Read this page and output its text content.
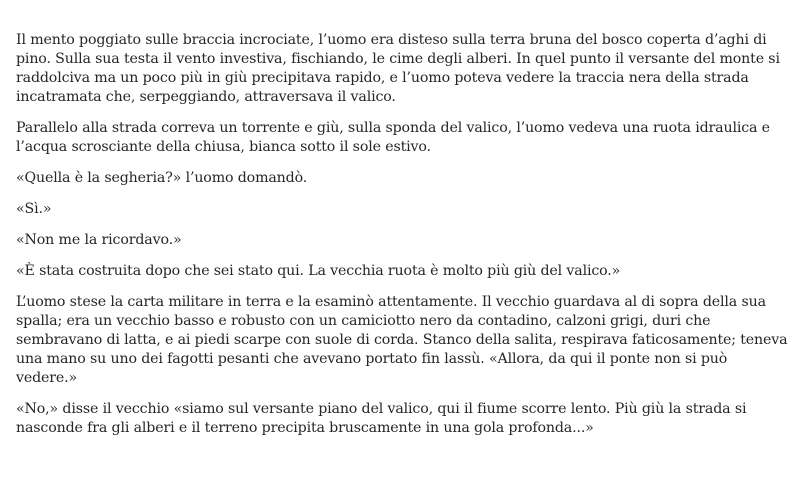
Il mento poggiato sulle braccia incrociate, l’uomo era disteso sulla terra bruna del bosco coperta d’aghi di pino. Sulla sua testa il vento investiva, fischiando, le cime degli alberi. In quel punto il versante del monte si raddolciva ma un poco più in giù precipitava rapido, e l’uomo poteva vedere la traccia nera della strada incatramata che, serpeggiando, attraversava il valico.

Parallelo alla strada correva un torrente e giù, sulla sponda del valico, l’uomo vedeva una ruota idraulica e l’acqua scrosciante della chiusa, bianca sotto il sole estivo.

«Quella è la segheria?» l’uomo domandò.

«Sì.»

«Non me la ricordavo.»

«È stata costruita dopo che sei stato qui. La vecchia ruota è molto più giù del valico.»

L’uomo stese la carta militare in terra e la esaminò attentamente. Il vecchio guardava al di sopra della sua spalla; era un vecchio basso e robusto con un camiciotto nero da contadino, calzoni grigi, duri che sembravano di latta, e ai piedi scarpe con suole di corda. Stanco della salita, respirava faticosamente; teneva una mano su uno dei fagotti pesanti che avevano portato fin lassù. «Allora, da qui il ponte non si può vedere.»

«No,» disse il vecchio «siamo sul versante piano del valico, qui il fiume scorre lento. Più giù la strada si nasconde fra gli alberi e il terreno precipita bruscamente in una gola profonda...»
